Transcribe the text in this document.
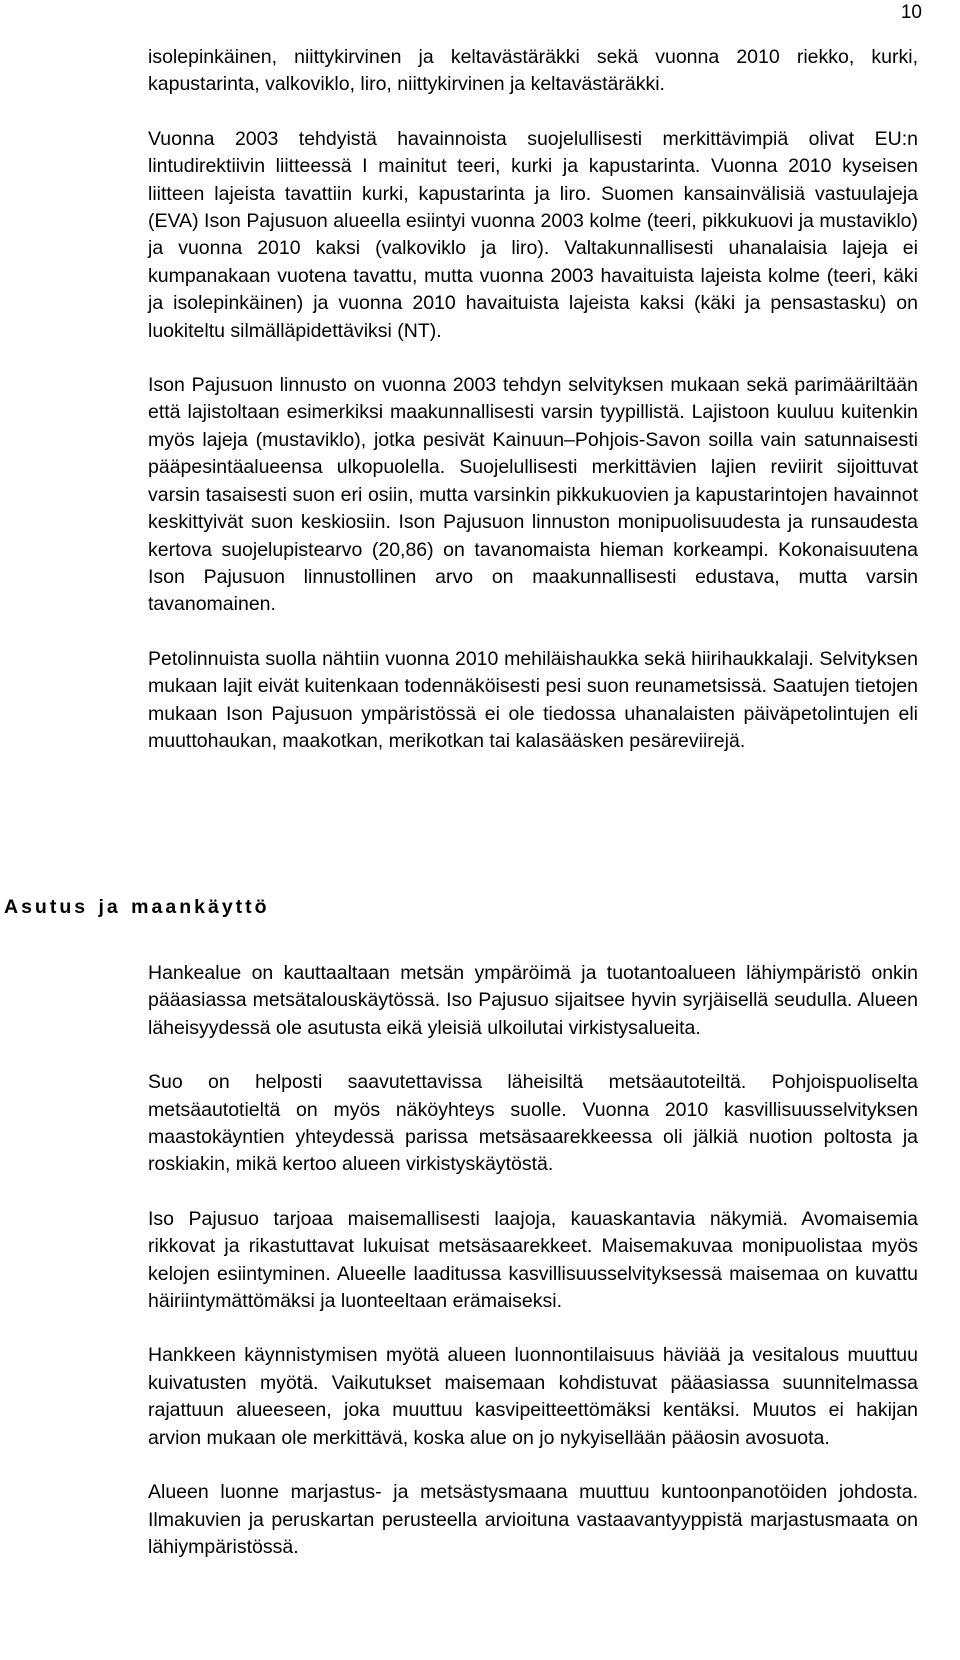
10

isolepinkäinen, niittykirvinen ja keltavästäräkki sekä vuonna 2010 riekko, kurki, kapustarinta, valkoviklo, liro, niittykirvinen ja keltavästäräkki.

Vuonna 2003 tehdyistä havainnoista suojelullisesti merkittävimpiä olivat EU:n lintudirektiivin liitteessä I mainitut teeri, kurki ja kapustarinta. Vuonna 2010 kyseisen liitteen lajeista tavattiin kurki, kapustarinta ja liro. Suomen kansainvälisiä vastuulajeja (EVA) Ison Pajusuon alueella esiintyi vuonna 2003 kolme (teeri, pikkukuovi ja mustaviklo) ja vuonna 2010 kaksi (valkoviklo ja liro). Valtakunnallisesti uhanalaisia lajeja ei kumpanakaan vuotena tavattu, mutta vuonna 2003 havaituista lajeista kolme (teeri, käki ja isolepinkäinen) ja vuonna 2010 havaituista lajeista kaksi (käki ja pensastasku) on luokiteltu silmälläpidettäviksi (NT).

Ison Pajusuon linnusto on vuonna 2003 tehdyn selvityksen mukaan sekä parimääriltään että lajistoltaan esimerkiksi maakunnallisesti varsin tyypillistä. Lajistoon kuuluu kuitenkin myös lajeja (mustaviklo), jotka pesivät Kainuun–Pohjois-Savon soilla vain satunnaisesti pääpesintäalueensa ulkopuolella. Suojelullisesti merkittävien lajien reviirit sijoittuvat varsin tasaisesti suon eri osiin, mutta varsinkin pikkukuovien ja kapustarintojen havainnot keskittyivät suon keskiosiin. Ison Pajusuon linnuston monipuolisuudesta ja runsaudesta kertova suojelupistearvo (20,86) on tavanomaista hieman korkeampi. Kokonaisuutena Ison Pajusuon linnustollinen arvo on maakunnallisesti edustava, mutta varsin tavanomainen.

Petolinnuista suolla nähtiin vuonna 2010 mehiläishaukka sekä hiirihaukkalaji. Selvityksen mukaan lajit eivät kuitenkaan todennäköisesti pesi suon reunametsissä. Saatujen tietojen mukaan Ison Pajusuon ympäristössä ei ole tiedossa uhanalaisten päiväpetolintujen eli muuttohaukan, maakotkan, merikotkan tai kalasääsken pesäreviirejä.

Asutus ja maankäyttö

Hankealue on kauttaaltaan metsän ympäröimä ja tuotantoalueen lähiympäristö onkin pääasiassa metsätalouskäytössä. Iso Pajusuo sijaitsee hyvin syrjäisellä seudulla. Alueen läheisyydessä ole asutusta eikä yleisiä ulkoilutai virkistysalueita.

Suo on helposti saavutettavissa läheisiltä metsäautoteiltä. Pohjoispuoliselta metsäautotieltä on myös näköyhteys suolle. Vuonna 2010 kasvillisuusselvityksen maastokäyntien yhteydessä parissa metsäsaarekkeessa oli jälkiä nuotion poltosta ja roskiakin, mikä kertoo alueen virkistyskäytöstä.

Iso Pajusuo tarjoaa maisemallisesti laajoja, kauaskantavia näkymiä. Avomaisemia rikkovat ja rikastuttavat lukuisat metsäsaarekkeet. Maisemakuvaa monipuolistaa myös kelojen esiintyminen. Alueelle laaditussa kasvillisuusselvityksessä maisemaa on kuvattu häiriintymättömäksi ja luonteeltaan erämaiseksi.

Hankkeen käynnistymisen myötä alueen luonnontilaisuus häviää ja vesitalous muuttuu kuivatusten myötä. Vaikutukset maisemaan kohdistuvat pääasiassa suunnitelmassa rajattuun alueeseen, joka muuttuu kasvipeitteettömäksi kentäksi. Muutos ei hakijan arvion mukaan ole merkittävä, koska alue on jo nykyisellään pääosin avosuota.

Alueen luonne marjastus- ja metsästysmaana muuttuu kuntoonpanotöiden johdosta. Ilmakuvien ja peruskartan perusteella arvioituna vastaavantyyppistä marjastusmaata on lähiympäristössä.
